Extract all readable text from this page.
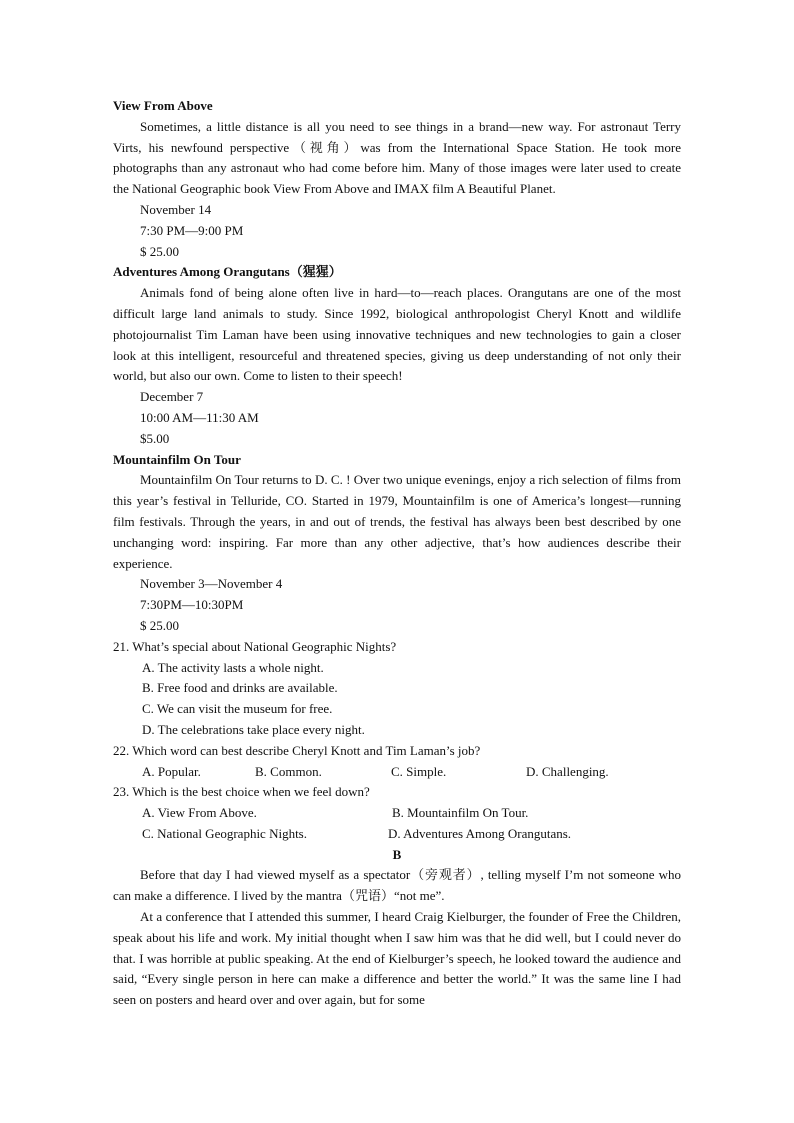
View From Above

Sometimes, a little distance is all you need to see things in a brand—new way. For astronaut Terry Virts, his newfound perspective（视角）was from the International Space Station. He took more photographs than any astronaut who had come before him. Many of those images were later used to create the National Geographic book View From Above and IMAX film A Beautiful Planet.

November 14

7:30 PM—9:00 PM

$ 25.00

Adventures Among Orangutans（猩猩）

Animals fond of being alone often live in hard—to—reach places. Orangutans are one of the most difficult large land animals to study. Since 1992, biological anthropologist Cheryl Knott and wildlife photojournalist Tim Laman have been using innovative techniques and new technologies to gain a closer look at this intelligent, resourceful and threatened species, giving us deep understanding of not only their world, but also our own. Come to listen to their speech!

December 7

10:00 AM—11:30 AM

$5.00

Mountainfilm On Tour

Mountainfilm On Tour returns to D. C. ! Over two unique evenings, enjoy a rich selection of films from this year’s festival in Telluride, CO. Started in 1979, Mountainfilm is one of America’s longest—running film festivals. Through the years, in and out of trends, the festival has always been best described by one unchanging word: inspiring. Far more than any other adjective, that’s how audiences describe their experience.

November 3—November 4

7:30PM—10:30PM

$ 25.00

21. What’s special about National Geographic Nights?

A. The activity lasts a whole night.

B. Free food and drinks are available.

C. We can visit the museum for free.

D. The celebrations take place every night.

22. Which word can best describe Cheryl Knott and Tim Laman’s job?

A. Popular.	B. Common.	C. Simple.	D. Challenging.

23. Which is the best choice when we feel down?

A. View From Above.	B. Mountainfilm On Tour.
C. National Geographic Nights.	D. Adventures Among Orangutans.

B

Before that day I had viewed myself as a spectator（旁观者）, telling myself I’m not someone who can make a difference. I lived by the mantra（咒语）“not me”.

At a conference that I attended this summer, I heard Craig Kielburger, the founder of Free the Children, speak about his life and work. My initial thought when I saw him was that he did well, but I could never do that. I was horrible at public speaking. At the end of Kielburger’s speech, he looked toward the audience and said, “Every single person in here can make a difference and better the world.” It was the same line I had seen on posters and heard over and over again, but for some
